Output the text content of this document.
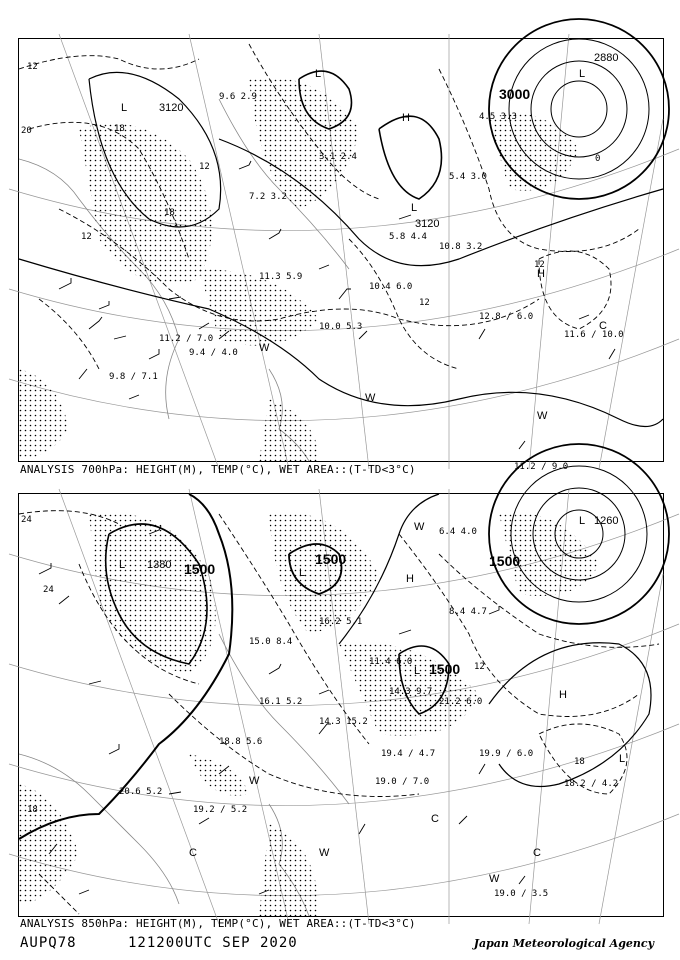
12
18
20
12
12
0
12
12
18
11.2 / 9.0
11.6 / 10.0
12.8 / 6.0
9.8 / 7.1
11.2 / 7.0
9.4 / 4.0
7.2 3.2
3.1 2.4
5.8 4.4
10.8 3.2
10.0 5.3
11.3 5.9
10.4 6.0
5.4 3.0
4.5 3.3
9.6 2.9
L	3120
L
2880
3000
H
L
3120
H
L
W
W
W
C
ANALYSIS 700hPa: HEIGHT(M), TEMP(°C), WET AREA::(T-TD<3°C)
24
24
18
12
18
19.0 / 3.5
18.2 / 4.2
19.9 / 6.0
19.4 / 4.7
19.0 / 7.0
19.2 / 5.2
15.0 8.4
16.2 5.1
14.3 9.7
21.2 6.0
14.3 15.2
16.1 5.2
11.4 6.0
8.4 4.7
6.4 4.0
18.8 5.6
20.6 5.2
L 1380 1500	L
1500
1260
L
1500
H
L 1500
H
L
W
W
W
C
C
C
W
ANALYSIS 850hPa: HEIGHT(M), TEMP(°C), WET AREA::(T-TD<3°C)
AUPQ78	121200UTC SEP 2020	Japan Meteorological Agency
